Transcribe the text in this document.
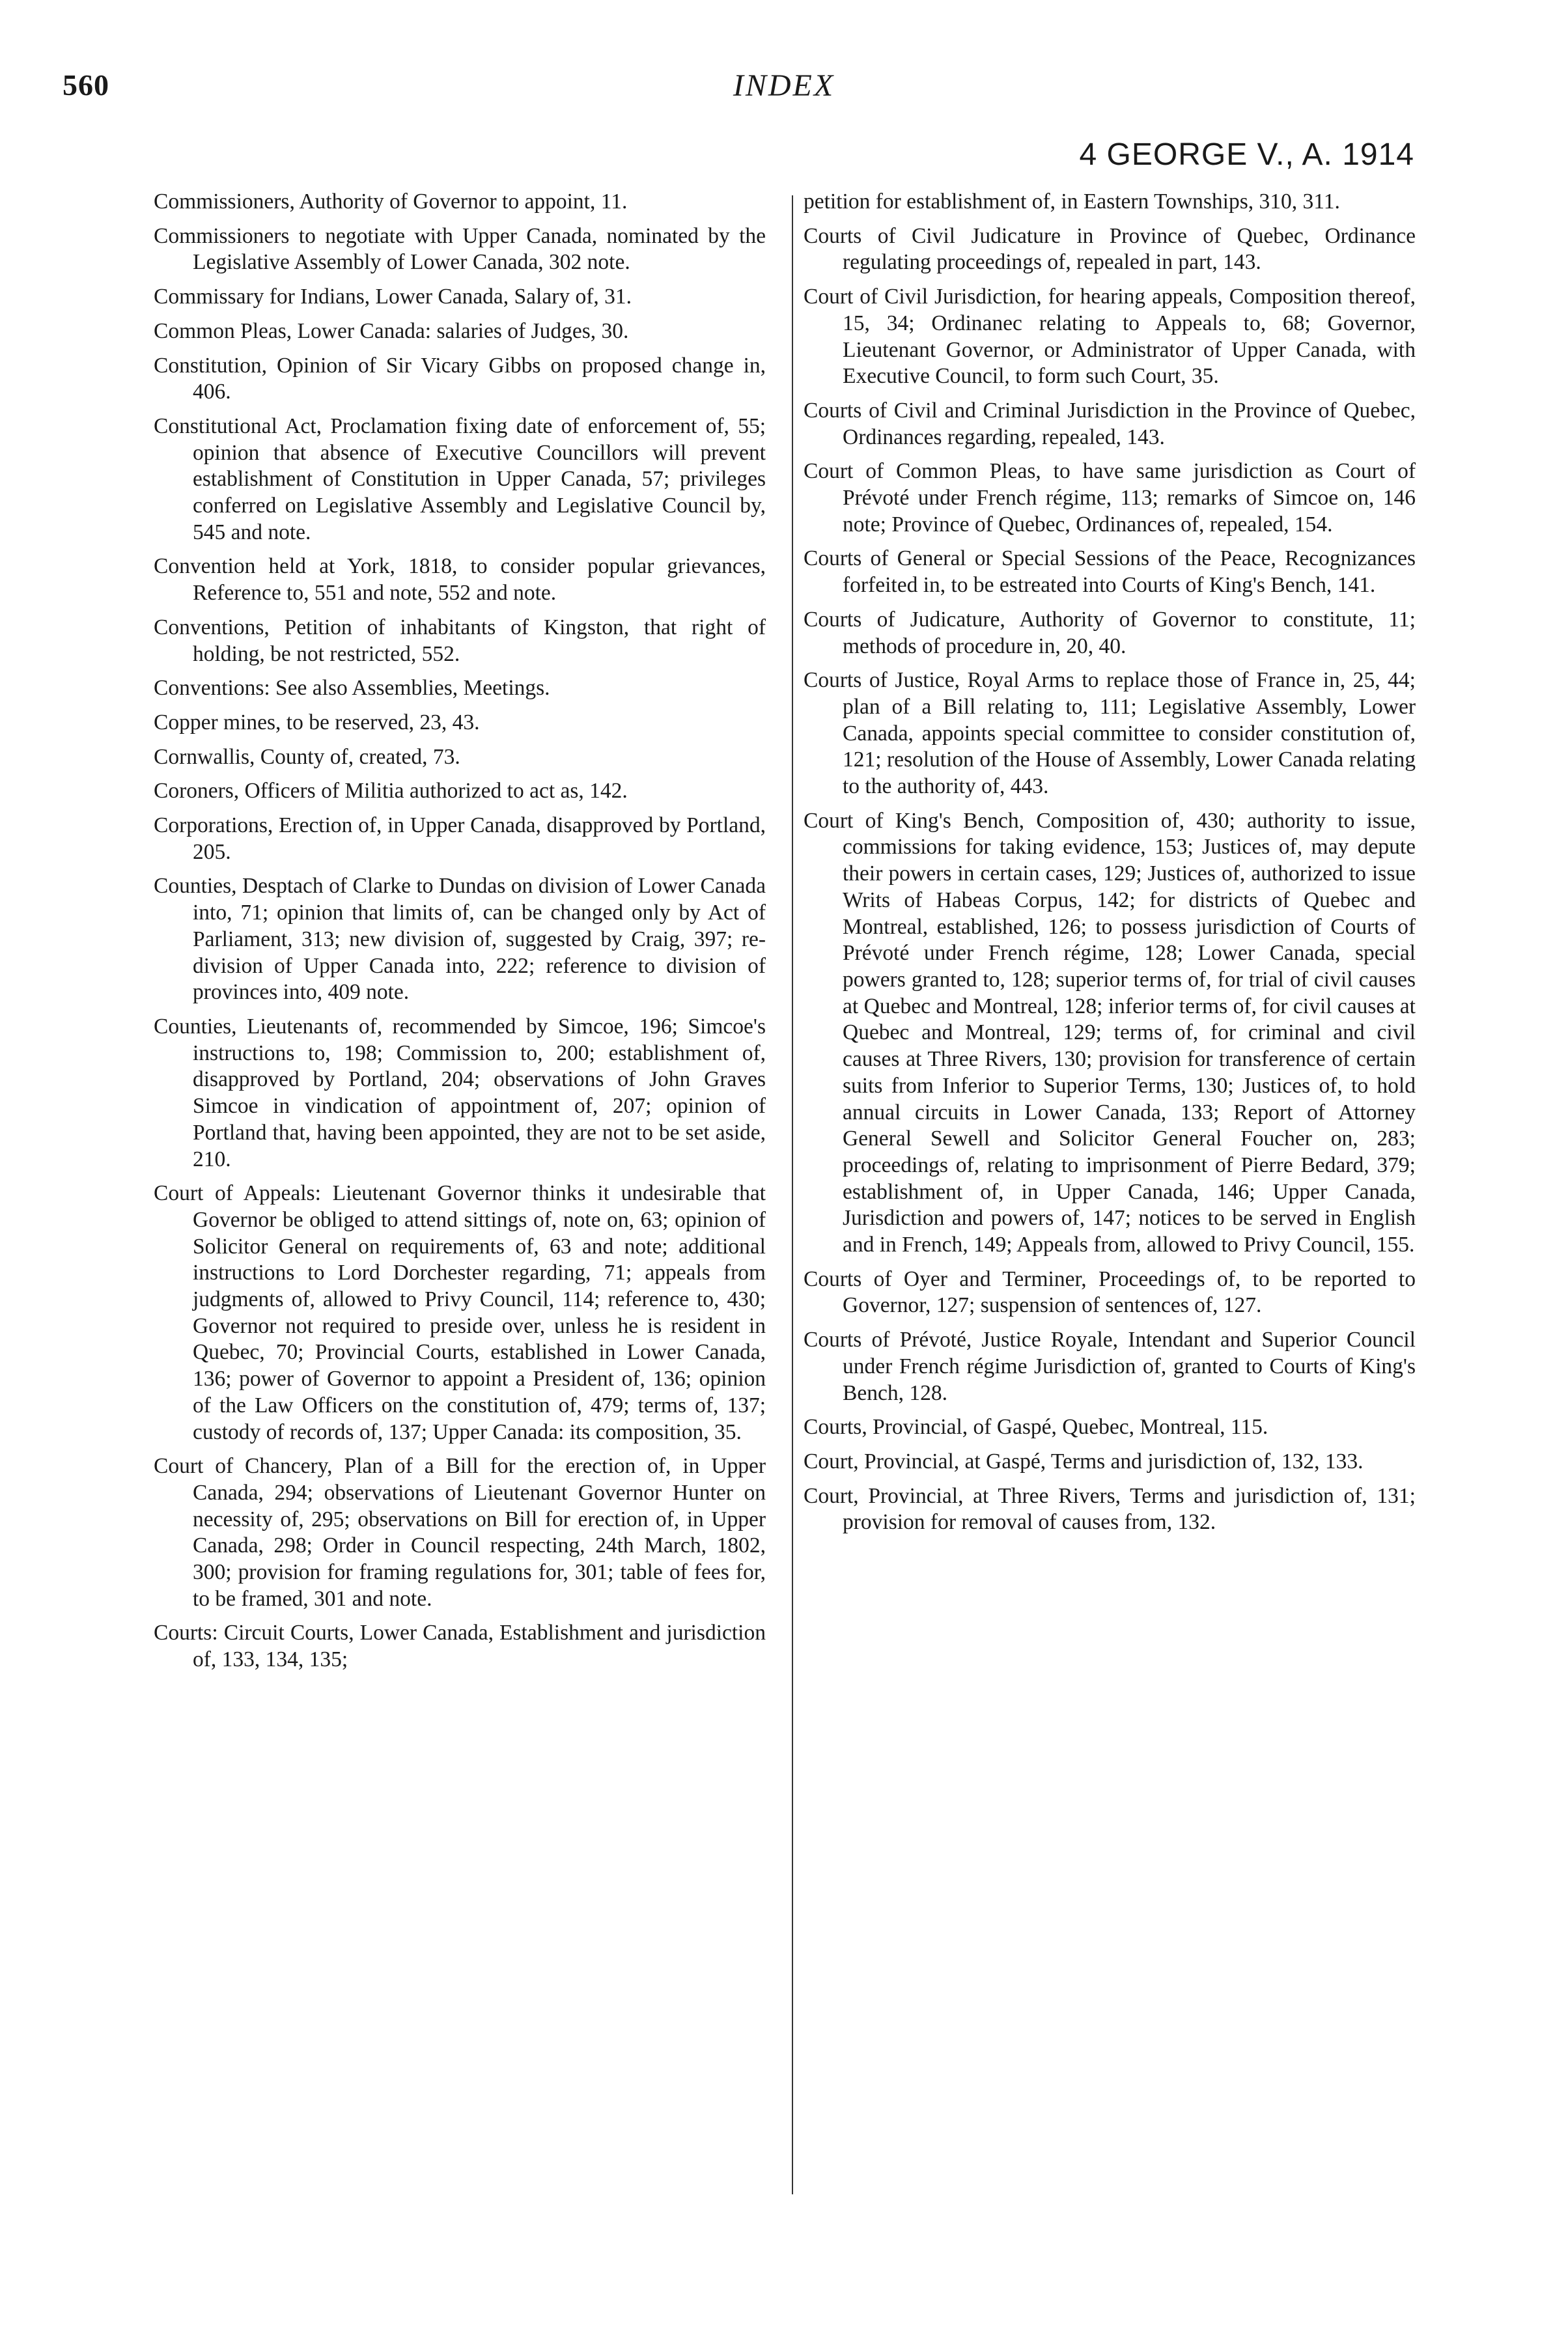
560	INDEX
4 GEORGE V., A. 1914

Commissioners, Authority of Governor to appoint, 11.

Commissioners to negotiate with Upper Canada, nominated by the Legislative Assembly of Lower Canada, 302 note.

Commissary for Indians, Lower Canada, Salary of, 31.

Common Pleas, Lower Canada: salaries of Judges, 30.

Constitution, Opinion of Sir Vicary Gibbs on proposed change in, 406.

Constitutional Act, Proclamation fixing date of enforcement of, 55; opinion that absence of Executive Councillors will prevent establishment of Constitution in Upper Canada, 57; privileges conferred on Legislative Assembly and Legislative Council by, 545 and note.

Convention held at York, 1818, to consider popular grievances, Reference to, 551 and note, 552 and note.

Conventions, Petition of inhabitants of Kingston, that right of holding, be not restricted, 552.

Conventions: See also Assemblies, Meetings.

Copper mines, to be reserved, 23, 43.

Cornwallis, County of, created, 73.

Coroners, Officers of Militia authorized to act as, 142.

Corporations, Erection of, in Upper Canada, disapproved by Portland, 205.

Counties, Desptach of Clarke to Dundas on division of Lower Canada into, 71; opinion that limits of, can be changed only by Act of Parliament, 313; new division of, suggested by Craig, 397; re-division of Upper Canada into, 222; reference to division of provinces into, 409 note.

Counties, Lieutenants of, recommended by Simcoe, 196; Simcoe's instructions to, 198; Commission to, 200; establishment of, disapproved by Portland, 204; observations of John Graves Simcoe in vindication of appointment of, 207; opinion of Portland that, having been appointed, they are not to be set aside, 210.

Court of Appeals: Lieutenant Governor thinks it undesirable that Governor be obliged to attend sittings of, note on, 63; opinion of Solicitor General on requirements of, 63 and note; additional instructions to Lord Dorchester regarding, 71; appeals from judgments of, allowed to Privy Council, 114; reference to, 430; Governor not required to preside over, unless he is resident in Quebec, 70; Provincial Courts, established in Lower Canada, 136; power of Governor to appoint a President of, 136; opinion of the Law Officers on the constitution of, 479; terms of, 137; custody of records of, 137; Upper Canada: its composition, 35.

Court of Chancery, Plan of a Bill for the erection of, in Upper Canada, 294; observations of Lieutenant Governor Hunter on necessity of, 295; observations on Bill for erection of, in Upper Canada, 298; Order in Council respecting, 24th March, 1802, 300; provision for framing regulations for, 301; table of fees for, to be framed, 301 and note.

Courts: Circuit Courts, Lower Canada, Establishment and jurisdiction of, 133, 134, 135;

petition for establishment of, in Eastern Townships, 310, 311.

Courts of Civil Judicature in Province of Quebec, Ordinance regulating proceedings of, repealed in part, 143.

Court of Civil Jurisdiction, for hearing appeals, Composition thereof, 15, 34; Ordinanec relating to Appeals to, 68; Governor, Lieutenant Governor, or Administrator of Upper Canada, with Executive Council, to form such Court, 35.

Courts of Civil and Criminal Jurisdiction in the Province of Quebec, Ordinances regarding, repealed, 143.

Court of Common Pleas, to have same jurisdiction as Court of Prévoté under French régime, 113; remarks of Simcoe on, 146 note; Province of Quebec, Ordinances of, repealed, 154.

Courts of General or Special Sessions of the Peace, Recognizances forfeited in, to be estreated into Courts of King's Bench, 141.

Courts of Judicature, Authority of Governor to constitute, 11; methods of procedure in, 20, 40.

Courts of Justice, Royal Arms to replace those of France in, 25, 44; plan of a Bill relating to, 111; Legislative Assembly, Lower Canada, appoints special committee to consider constitution of, 121; resolution of the House of Assembly, Lower Canada relating to the authority of, 443.

Court of King's Bench, Composition of, 430; authority to issue, commissions for taking evidence, 153; Justices of, may depute their powers in certain cases, 129; Justices of, authorized to issue Writs of Habeas Corpus, 142; for districts of Quebec and Montreal, established, 126; to possess jurisdiction of Courts of Prévoté under French régime, 128; Lower Canada, special powers granted to, 128; superior terms of, for trial of civil causes at Quebec and Montreal, 128; inferior terms of, for civil causes at Quebec and Montreal, 129; terms of, for criminal and civil causes at Three Rivers, 130; provision for transference of certain suits from Inferior to Superior Terms, 130; Justices of, to hold annual circuits in Lower Canada, 133; Report of Attorney General Sewell and Solicitor General Foucher on, 283; proceedings of, relating to imprisonment of Pierre Bedard, 379; establishment of, in Upper Canada, 146; Upper Canada, Jurisdiction and powers of, 147; notices to be served in English and in French, 149; Appeals from, allowed to Privy Council, 155.

Courts of Oyer and Terminer, Proceedings of, to be reported to Governor, 127; suspension of sentences of, 127.

Courts of Prévoté, Justice Royale, Intendant and Superior Council under French régime Jurisdiction of, granted to Courts of King's Bench, 128.

Courts, Provincial, of Gaspé, Quebec, Montreal, 115.

Court, Provincial, at Gaspé, Terms and jurisdiction of, 132, 133.

Court, Provincial, at Three Rivers, Terms and jurisdiction of, 131; provision for removal of causes from, 132.
